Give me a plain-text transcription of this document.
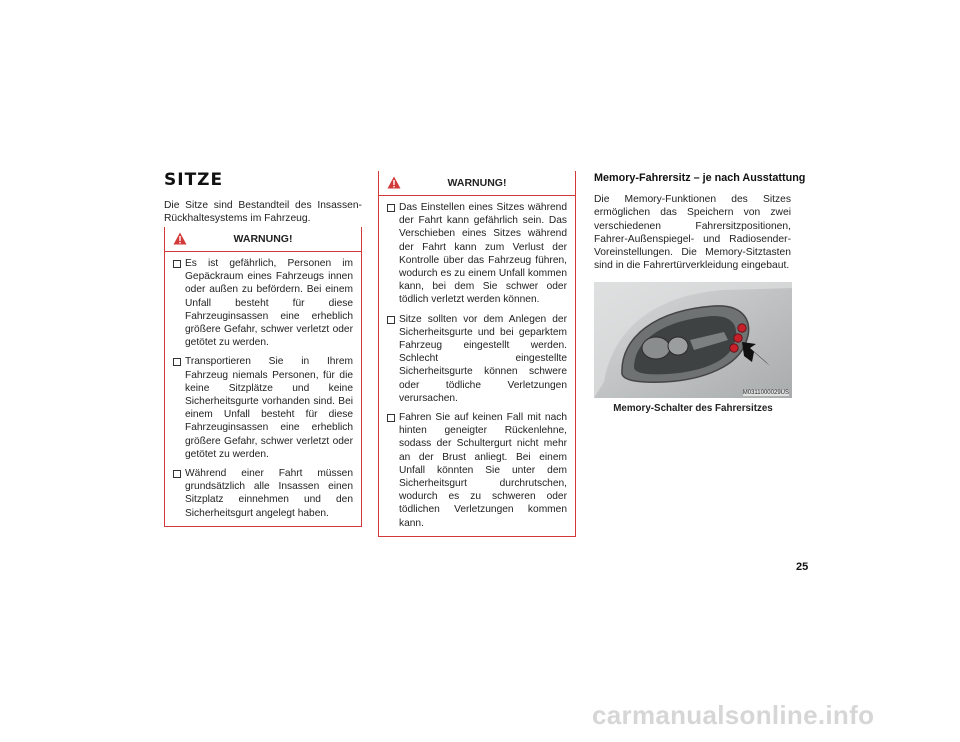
SITZE

Die Sitze sind Bestandteil des Insassen-Rückhaltesystems im Fahrzeug.

WARNUNG!
Es ist gefährlich, Personen im Gepäckraum eines Fahrzeugs innen oder außen zu befördern. Bei einem Unfall besteht für diese Fahrzeuginsassen eine erheblich größere Gefahr, schwer verletzt oder getötet zu werden.
Transportieren Sie in Ihrem Fahrzeug niemals Personen, für die keine Sitzplätze und keine Sicherheitsgurte vorhanden sind. Bei einem Unfall besteht für diese Fahrzeuginsassen eine erheblich größere Gefahr, schwer verletzt oder getötet zu werden.
Während einer Fahrt müssen grundsätzlich alle Insassen einen Sitzplatz einnehmen und den Sicherheitsgurt angelegt haben.
WARNUNG!
Das Einstellen eines Sitzes während der Fahrt kann gefährlich sein. Das Verschieben eines Sitzes während der Fahrt kann zum Verlust der Kontrolle über das Fahrzeug führen, wodurch es zu einem Unfall kommen kann, bei dem Sie schwer oder tödlich verletzt werden können.
Sitze sollten vor dem Anlegen der Sicherheitsgurte und bei geparktem Fahrzeug eingestellt werden. Schlecht eingestellte Sicherheitsgurte können schwere oder tödliche Verletzungen verursachen.
Fahren Sie auf keinen Fall mit nach hinten geneigter Rückenlehne, sodass der Schultergurt nicht mehr an der Brust anliegt. Bei einem Unfall könnten Sie unter dem Sicherheitsgurt durchrutschen, wodurch es zu schweren oder tödlichen Verletzungen kommen kann.
Memory-Fahrersitz – je nach Ausstattung

Die Memory-Funktionen des Sitzes ermöglichen das Speichern von zwei verschiedenen Fahrersitzpositionen, Fahrer-Außenspiegel- und Radiosender-Voreinstellungen. Die Memory-Sitztasten sind in die Fahrertürverkleidung eingebaut.

M0311000029US
Memory-Schalter des Fahrersitzes
25
carmanualsonline.info
